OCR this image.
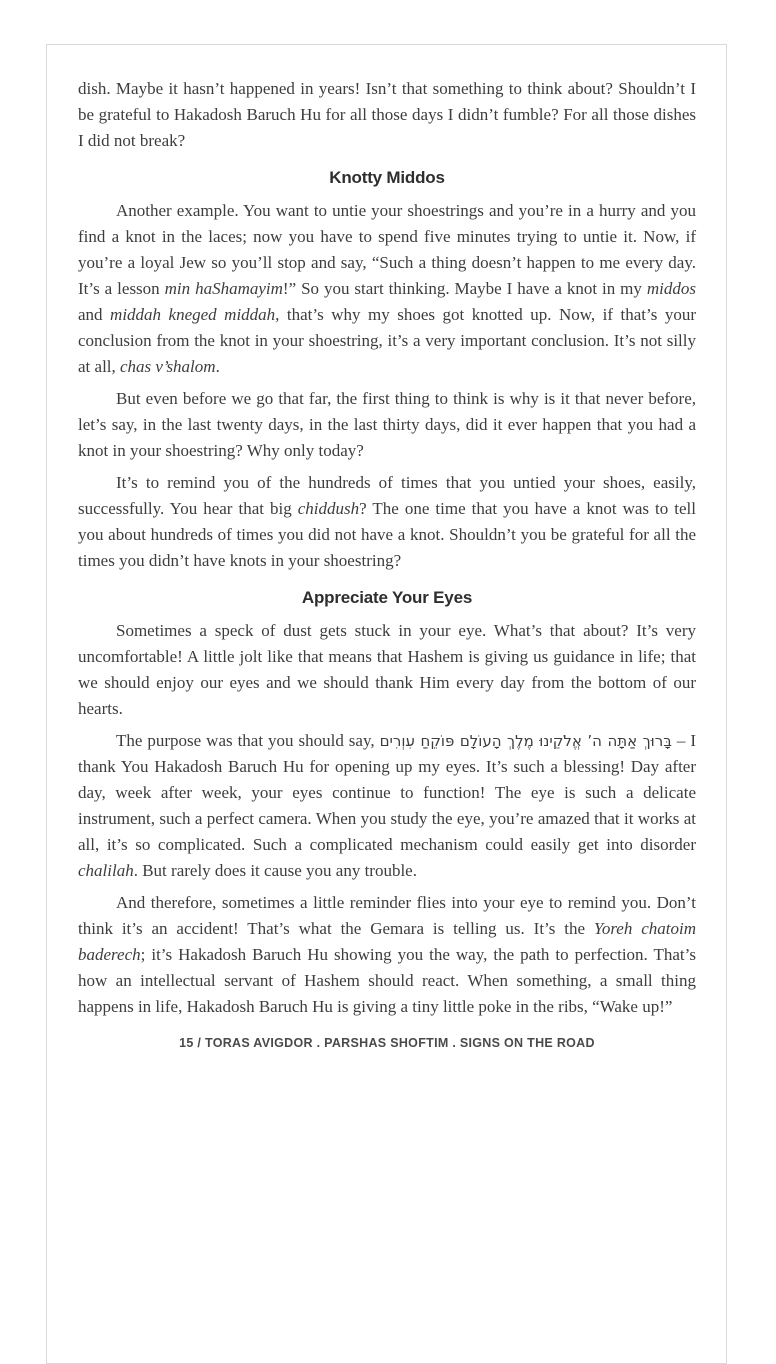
dish. Maybe it hasn’t happened in years! Isn’t that something to think about? Shouldn’t I be grateful to Hakadosh Baruch Hu for all those days I didn’t fumble? For all those dishes I did not break?

Knotty Middos

Another example. You want to untie your shoestrings and you’re in a hurry and you find a knot in the laces; now you have to spend five minutes trying to untie it. Now, if you’re a loyal Jew so you’ll stop and say, “Such a thing doesn’t happen to me every day. It’s a lesson min haShamayim!” So you start thinking. Maybe I have a knot in my middos and middah kneged middah, that’s why my shoes got knotted up. Now, if that’s your conclusion from the knot in your shoestring, it’s a very important conclusion. It’s not silly at all, chas v’shalom.

But even before we go that far, the first thing to think is why is it that never before, let’s say, in the last twenty days, in the last thirty days, did it ever happen that you had a knot in your shoestring? Why only today?

It’s to remind you of the hundreds of times that you untied your shoes, easily, successfully. You hear that big chiddush? The one time that you have a knot was to tell you about hundreds of times you did not have a knot. Shouldn’t you be grateful for all the times you didn’t have knots in your shoestring?

Appreciate Your Eyes

Sometimes a speck of dust gets stuck in your eye. What’s that about? It’s very uncomfortable! A little jolt like that means that Hashem is giving us guidance in life; that we should enjoy our eyes and we should thank Him every day from the bottom of our hearts.

The purpose was that you should say, בָּרוּךְ אַתָּה ה’ אֱלֹקֵינוּ מֶלֶךְ הָעוֹלָם פּוֹקֵחַ עִוְרִים – I thank You Hakadosh Baruch Hu for opening up my eyes. It’s such a blessing! Day after day, week after week, your eyes continue to function! The eye is such a delicate instrument, such a perfect camera. When you study the eye, you’re amazed that it works at all, it’s so complicated. Such a complicated mechanism could easily get into disorder chalilah. But rarely does it cause you any trouble.

And therefore, sometimes a little reminder flies into your eye to remind you. Don’t think it’s an accident! That’s what the Gemara is telling us. It’s the Yoreh chatoim baderech; it’s Hakadosh Baruch Hu showing you the way, the path to perfection. That’s how an intellectual servant of Hashem should react. When something, a small thing happens in life, Hakadosh Baruch Hu is giving a tiny little poke in the ribs, “Wake up!”

15 / TORAS AVIGDOR . PARSHAS SHOFTIM . SIGNS ON THE ROAD
